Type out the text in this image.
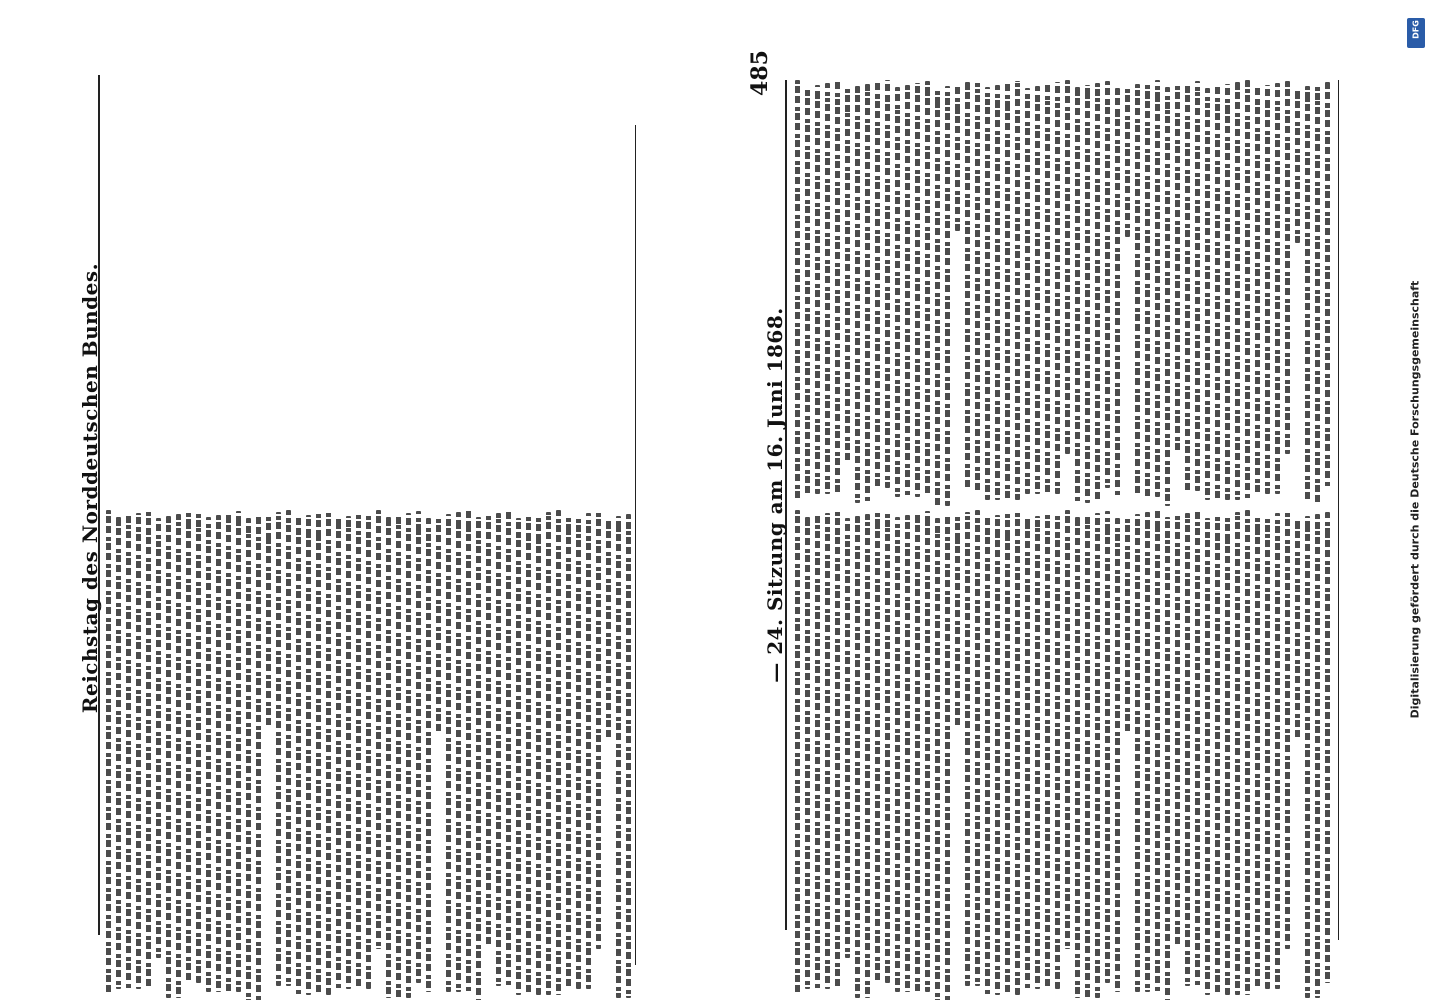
Reichstag des Norddeutschen Bundes.	— 24. Sitzung am 16. Juni 1868.
485
Digitalisierung gefördert durch die Deutsche Forschungsgemeinschaft
DFG
